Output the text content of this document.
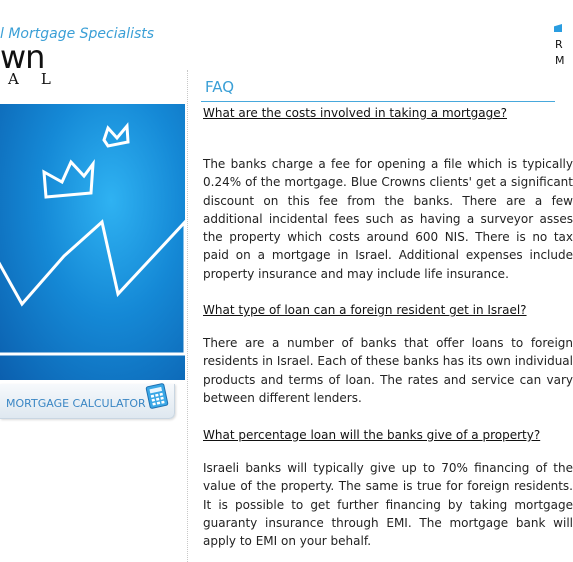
l Mortgage Specialists
wn
AL
R
M
MORTGAGE CALCULATOR
FAQ
What are the costs involved in taking a mortgage?
The banks charge a fee for opening a file which is typically 0.24% of the mortgage. Blue Crowns clients' get a significant discount on this fee from the banks. There are a few additional incidental fees such as having a surveyor asses the property which costs around 600 NIS. There is no tax paid on a mortgage in Israel. Additional expenses include property insurance and may include life insurance.
What type of loan can a foreign resident get in Israel?
There are a number of banks that offer loans to foreign residents in Israel. Each of these banks has its own individual products and terms of loan. The rates and service can vary between different lenders.
What percentage loan will the banks give of a property?
Israeli banks will typically give up to 70% financing of the value of the property. The same is true for foreign residents. It is possible to get further financing by taking mortgage guaranty insurance through EMI. The mortgage bank will apply to EMI on your behalf.
